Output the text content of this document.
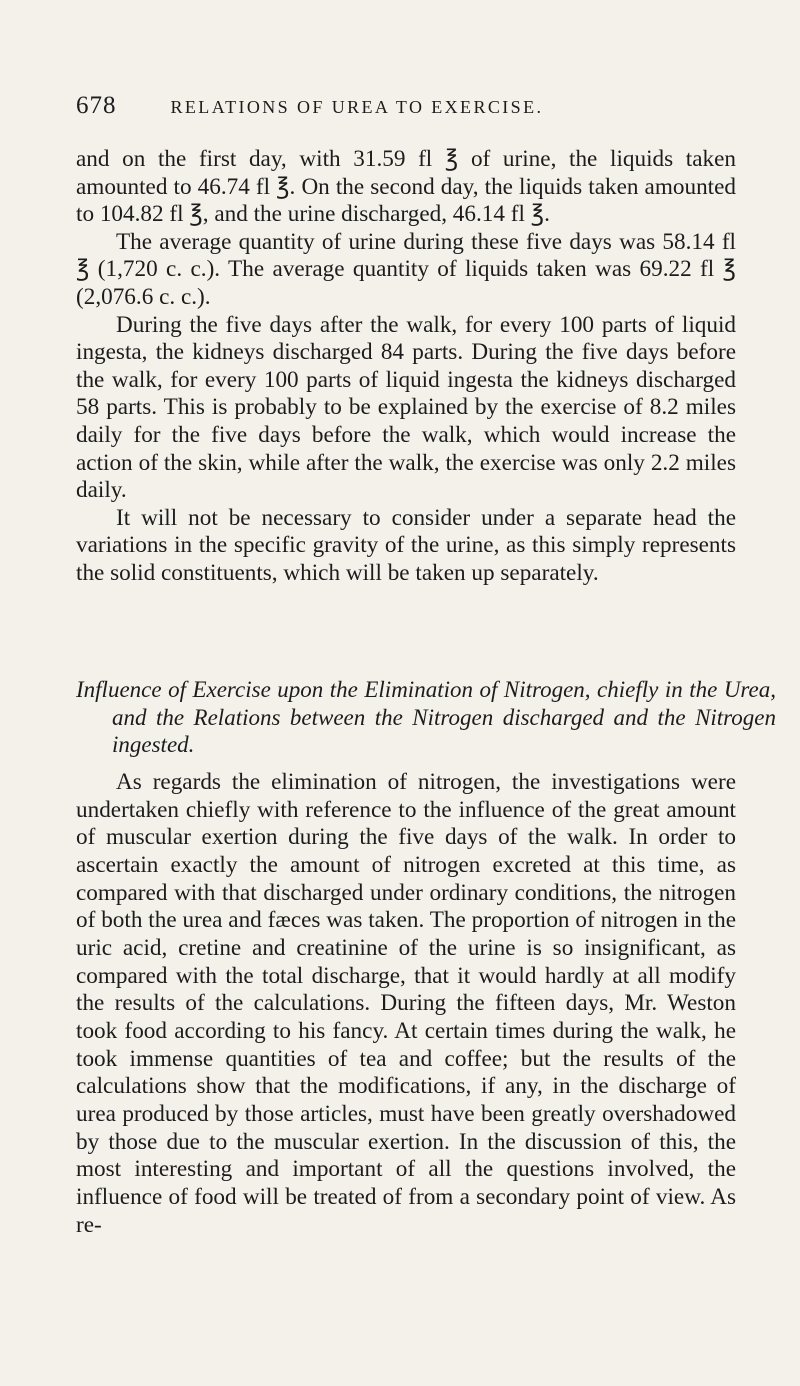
678	RELATIONS OF UREA TO EXERCISE.

and on the first day, with 31.59 fl ℥ of urine, the liquids taken amounted to 46.74 fl ℥. On the second day, the liquids taken amounted to 104.82 fl ℥, and the urine discharged, 46.14 fl ℥.

The average quantity of urine during these five days was 58.14 fl ℥ (1,720 c. c.). The average quantity of liquids taken was 69.22 fl ℥ (2,076.6 c. c.).

During the five days after the walk, for every 100 parts of liquid ingesta, the kidneys discharged 84 parts. During the five days before the walk, for every 100 parts of liquid ingesta the kidneys discharged 58 parts. This is probably to be explained by the exercise of 8.2 miles daily for the five days before the walk, which would increase the action of the skin, while after the walk, the exercise was only 2.2 miles daily.

It will not be necessary to consider under a separate head the variations in the specific gravity of the urine, as this simply represents the solid constituents, which will be taken up separately.

Influence of Exercise upon the Elimination of Nitrogen, chiefly in the Urea, and the Relations between the Nitrogen discharged and the Nitrogen ingested.

As regards the elimination of nitrogen, the investigations were undertaken chiefly with reference to the influence of the great amount of muscular exertion during the five days of the walk. In order to ascertain exactly the amount of nitrogen excreted at this time, as compared with that discharged under ordinary conditions, the nitrogen of both the urea and fæces was taken. The proportion of nitrogen in the uric acid, cretine and creatinine of the urine is so insignificant, as compared with the total discharge, that it would hardly at all modify the results of the calculations. During the fifteen days, Mr. Weston took food according to his fancy. At certain times during the walk, he took immense quantities of tea and coffee; but the results of the calculations show that the modifications, if any, in the discharge of urea produced by those articles, must have been greatly overshadowed by those due to the muscular exertion. In the discussion of this, the most interesting and important of all the questions involved, the influence of food will be treated of from a secondary point of view. As re-
